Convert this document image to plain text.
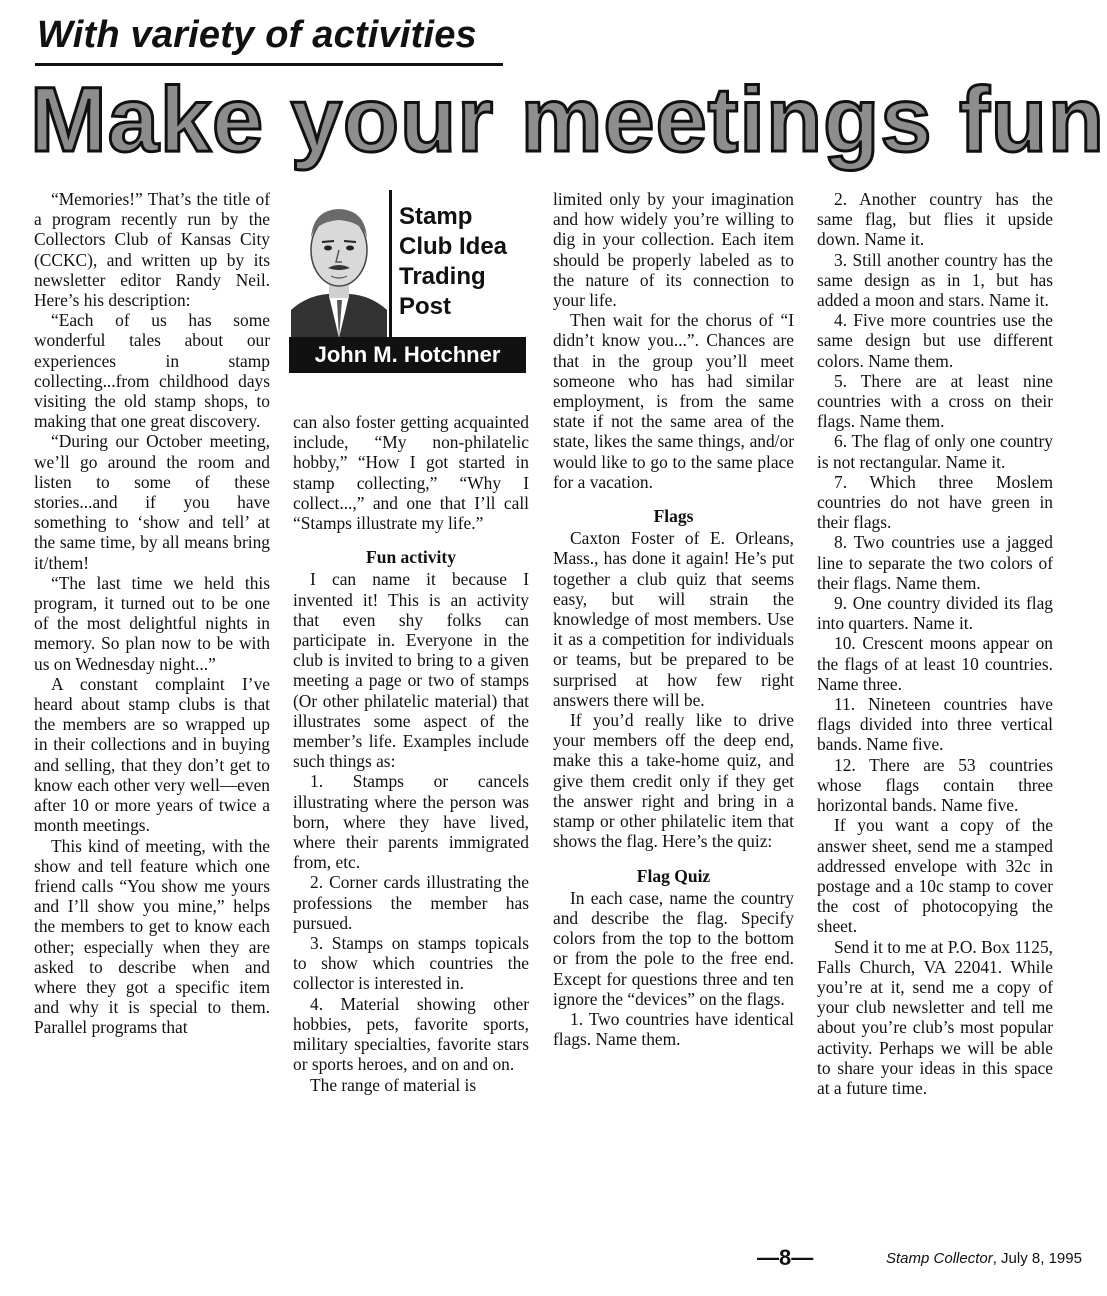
With variety of activities
Make your meetings fun

“Memories!” That’s the title of a program recently run by the Collectors Club of Kansas City (CCKC), and written up by its newsletter editor Randy Neil. Here’s his description:

“Each of us has some wonderful tales about our experiences in stamp collecting...from childhood days visiting the old stamp shops, to making that one great discovery.

“During our October meeting, we’ll go around the room and listen to some of these stories...and if you have something to ‘show and tell’ at the same time, by all means bring it/them!

“The last time we held this program, it turned out to be one of the most delightful nights in memory. So plan now to be with us on Wednesday night...”

A constant complaint I’ve heard about stamp clubs is that the members are so wrapped up in their collections and in buying and selling, that they don’t get to know each other very well—even after 10 or more years of twice a month meetings.

This kind of meeting, with the show and tell feature which one friend calls “You show me yours and I’ll show you mine,” helps the members to get to know each other; especially when they are asked to describe when and where they got a specific item and why it is special to them. Parallel programs that

Stamp
Club Idea
Trading
Post
John M. Hotchner

can also foster getting acquainted include, “My non-philatelic hobby,” “How I got started in stamp collecting,” “Why I collect...,” and one that I’ll call “Stamps illustrate my life.”

Fun activity

I can name it because I invented it! This is an activity that even shy folks can participate in. Everyone in the club is invited to bring to a given meeting a page or two of stamps (Or other philatelic material) that illustrates some aspect of the member’s life. Examples include such things as:

1. Stamps or cancels illustrating where the person was born, where they have lived, where their parents immigrated from, etc.

2. Corner cards illustrating the professions the member has pursued.

3. Stamps on stamps topicals to show which countries the collector is interested in.

4. Material showing other hobbies, pets, favorite sports, military specialties, favorite stars or sports heroes, and on and on.

The range of material is

limited only by your imagination and how widely you’re willing to dig in your collection. Each item should be properly labeled as to the nature of its connection to your life.

Then wait for the chorus of “I didn’t know you...”. Chances are that in the group you’ll meet someone who has had similar employment, is from the same state if not the same area of the state, likes the same things, and/or would like to go to the same place for a vacation.

Flags

Caxton Foster of E. Orleans, Mass., has done it again! He’s put together a club quiz that seems easy, but will strain the knowledge of most members. Use it as a competition for individuals or teams, but be prepared to be surprised at how few right answers there will be.

If you’d really like to drive your members off the deep end, make this a take-home quiz, and give them credit only if they get the answer right and bring in a stamp or other philatelic item that shows the flag. Here’s the quiz:

Flag Quiz

In each case, name the country and describe the flag. Specify colors from the top to the bottom or from the pole to the free end. Except for questions three and ten ignore the “devices” on the flags.

1. Two countries have identical flags. Name them.

2. Another country has the same flag, but flies it upside down. Name it.

3. Still another country has the same design as in 1, but has added a moon and stars. Name it.

4. Five more countries use the same design but use different colors. Name them.

5. There are at least nine countries with a cross on their flags. Name them.

6. The flag of only one country is not rectangular. Name it.

7. Which three Moslem countries do not have green in their flags.

8. Two countries use a jagged line to separate the two colors of their flags. Name them.

9. One country divided its flag into quarters. Name it.

10. Crescent moons appear on the flags of at least 10 countries. Name three.

11. Nineteen countries have flags divided into three vertical bands. Name five.

12. There are 53 countries whose flags contain three horizontal bands. Name five.

If you want a copy of the answer sheet, send me a stamped addressed envelope with 32c in postage and a 10c stamp to cover the cost of photocopying the sheet.

Send it to me at P.O. Box 1125, Falls Church, VA 22041. While you’re at it, send me a copy of your club newsletter and tell me about you’re club’s most popular activity. Perhaps we will be able to share your ideas in this space at a future time.

—8—	Stamp Collector, July 8, 1995
